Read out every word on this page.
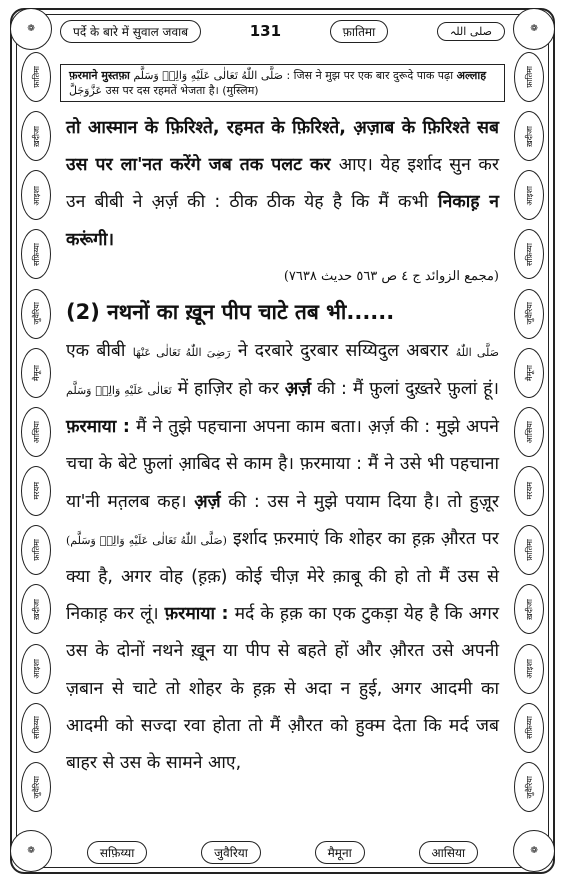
❁	❁
❁	❁
पर्दे के बारे में सुवाल जवाब	131	फ़ातिमा	صلی اللہ
फ़ातिमा
ख़दीजा
आइशा
सफ़िय्या
जुवैरिया
मैमूना
आसिया
मरयम
फ़ातिमा
ख़दीजा
आइशा
सफ़िय्या
जुवैरिया
फ़ातिमा
ख़दीजा
आइशा
सफ़िय्या
जुवैरिया
मैमूना
आसिया
मरयम
फ़ातिमा
ख़दीजा
आइशा
सफ़िय्या
जुवैरिया
फ़रमाने मुस्तफ़ा صَلَّى اللّٰهُ تَعَالٰى عَلَيْهِ وَالِهٖ وَسَلَّم : जिस ने मुझ पर एक बार दुरूदे पाक पढ़ा अल्लाह عَزَّوَجَلَّ उस पर दस रहमतें भेजता है। (मुस्लिम)

तो आस्मान के फ़िरिश्ते, रहमत के फ़िरिश्ते, अ़ज़ाब के फ़िरिश्ते सब उस पर ला'नत करेंगे जब तक पलट कर आए। येह इर्शाद सुन कर उन बीबी ने अ़र्ज़ की : ठीक ठीक येह है कि मैं कभी निकाह़ न करूंगी।

(مجمع الزوائد ج ٤ ص ٥٦٣ حدیث ٧٦٣٨)
(2) नथनों का ख़ून पीप चाटे तब भी......

एक बीबी رَضِیَ اللّٰهُ تَعَالٰی عَنْهَا ने दरबारे दुरबार सय्यिदुल अबरार صَلَّى اللّٰهُ تَعَالٰى عَلَيْهِ وَالِهٖ وَسَلَّم में हाज़िर हो कर अ़र्ज़ की : मैं फ़ुलां दुख़्तरे फ़ुलां हूं। फ़रमाया : मैं ने तुझे पहचाना अपना काम बता। अ़र्ज़ की : मुझे अपने चचा के बेटे फ़ुलां आ़बिद से काम है। फ़रमाया : मैं ने उसे भी पहचाना या'नी मत़लब कह। अ़र्ज़ की : उस ने मुझे पयाम दिया है। तो हुज़ूर (صَلَّى اللّٰهُ تَعَالٰى عَلَيْهِ وَالِهٖ وَسَلَّم) इर्शाद फ़रमाएं कि शोहर का ह़क़ औ़रत पर क्या है, अगर वोह (ह़क़) कोई चीज़ मेरे क़ाबू की हो तो मैं उस से निकाह़ कर लूं। फ़रमाया : मर्द के ह़क़ का एक टुकड़ा येह है कि अगर उस के दोनों नथने ख़ून या पीप से बहते हों और औ़रत उसे अपनी ज़बान से चाटे तो शोहर के ह़क़ से अदा न हुई, अगर आदमी का आदमी को सज्दा रवा होता तो मैं औ़रत को हुक्म देता कि मर्द जब बाहर से उस के सामने आए,

सफ़िय्या	जुवैरिया	मैमूना	आसिया
